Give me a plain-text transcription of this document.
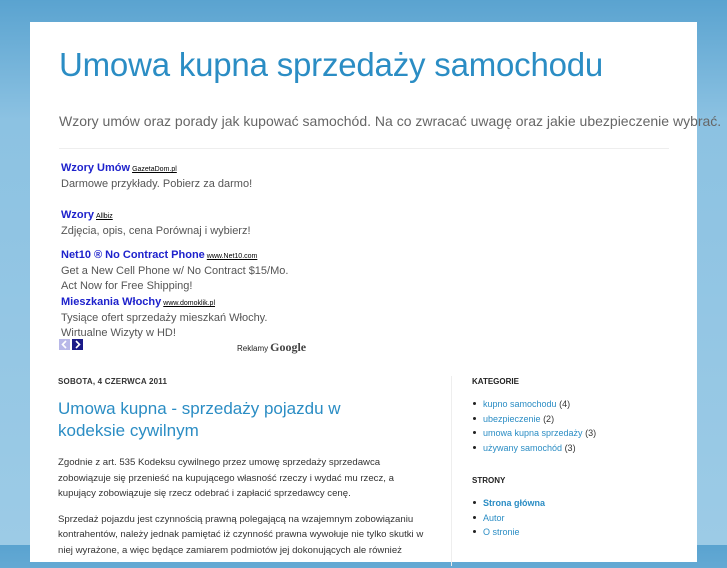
Umowa kupna sprzedaży samochodu

Wzory umów oraz porady jak kupować samochód. Na co zwracać uwagę oraz jakie ubezpieczenie wybrać.

Wzory Umów GazetaDom.pl
Darmowe przykłady. Pobierz za darmo!
Wzory Allbiz
Zdjęcia, opis, cena Porównaj i wybierz!
Net10 ® No Contract Phone www.Net10.com
Get a New Cell Phone w/ No Contract $15/Mo. Act Now for Free Shipping!
Mieszkania Włochy www.domoklik.pl
Tysiące ofert sprzedaży mieszkań Włochy. Wirtualne Wizyty w HD!
Reklamy Google
SOBOTA, 4 CZERWCA 2011
Umowa kupna - sprzedaży pojazdu w kodeksie cywilnym

Zgodnie z art. 535 Kodeksu cywilnego przez umowę sprzedaży sprzedawca zobowiązuje się przenieść na kupującego własność rzeczy i wydać mu rzecz, a kupujący zobowiązuje się rzecz odebrać i zapłacić sprzedawcy cenę.

Sprzedaż pojazdu jest czynnością prawną polegającą na wzajemnym zobowiązaniu kontrahentów, należy jednak pamiętać iż czynność prawna wywołuje nie tylko skutki w niej wyrażone, a więc będące zamiarem podmiotów jej dokonujących ale również

KATEGORIE
kupno samochodu (4)
ubezpieczenie (2)
umowa kupna sprzedaży (3)
używany samochód (3)
STRONY
Strona główna
Autor
O stronie
